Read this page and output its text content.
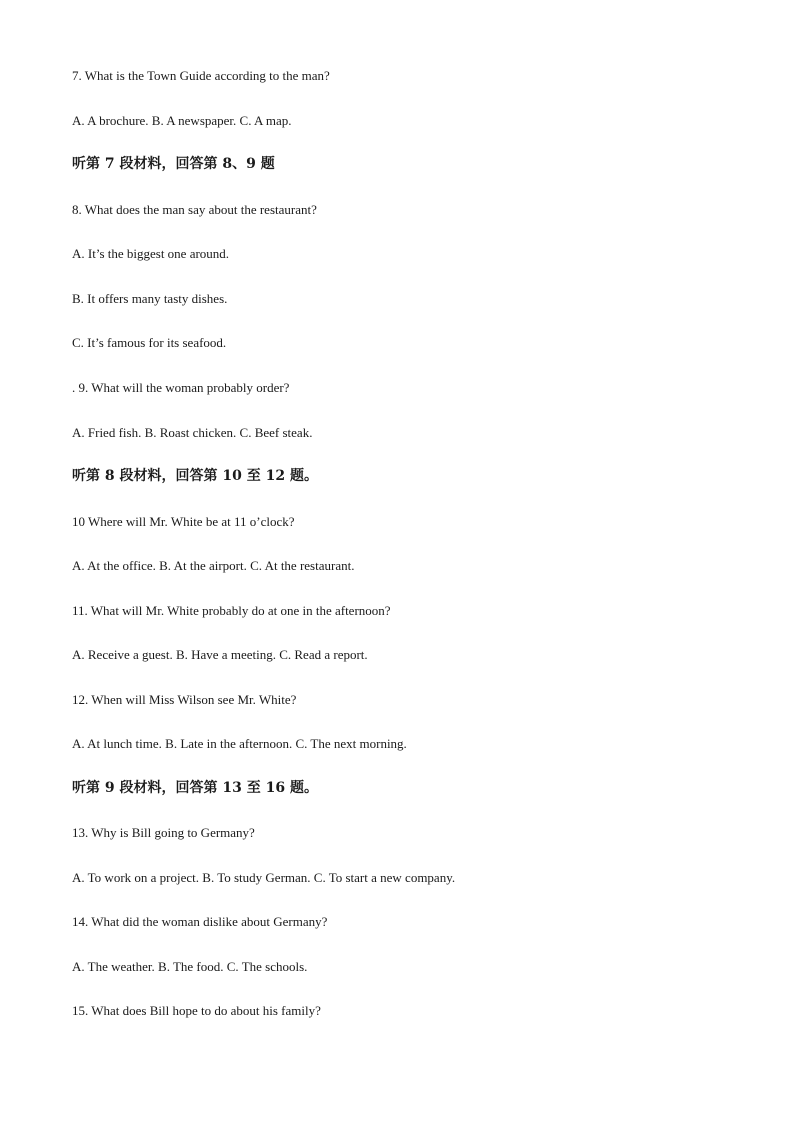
7. What is the Town Guide according to the man?
A. A brochure. B. A newspaper. C. A map.
听第 7 段材料，回答第 8、9 题
8. What does the man say about the restaurant?
A. It’s the biggest one around.
B. It offers many tasty dishes.
C. It’s famous for its seafood.
. 9. What will the woman probably order?
A. Fried fish. B. Roast chicken. C. Beef steak.
听第 8 段材料，回答第 10 至 12 题。
10 Where will Mr. White be at 11 o’clock?
A. At the office. B. At the airport. C. At the restaurant.
11. What will Mr. White probably do at one in the afternoon?
A. Receive a guest. B. Have a meeting. C. Read a report.
12. When will Miss Wilson see Mr. White?
A. At lunch time. B. Late in the afternoon. C. The next morning.
听第 9 段材料，回答第 13 至 16 题。
13. Why is Bill going to Germany?
A. To work on a project. B. To study German. C. To start a new company.
14. What did the woman dislike about Germany?
A. The weather. B. The food. C. The schools.
15. What does Bill hope to do about his family?
